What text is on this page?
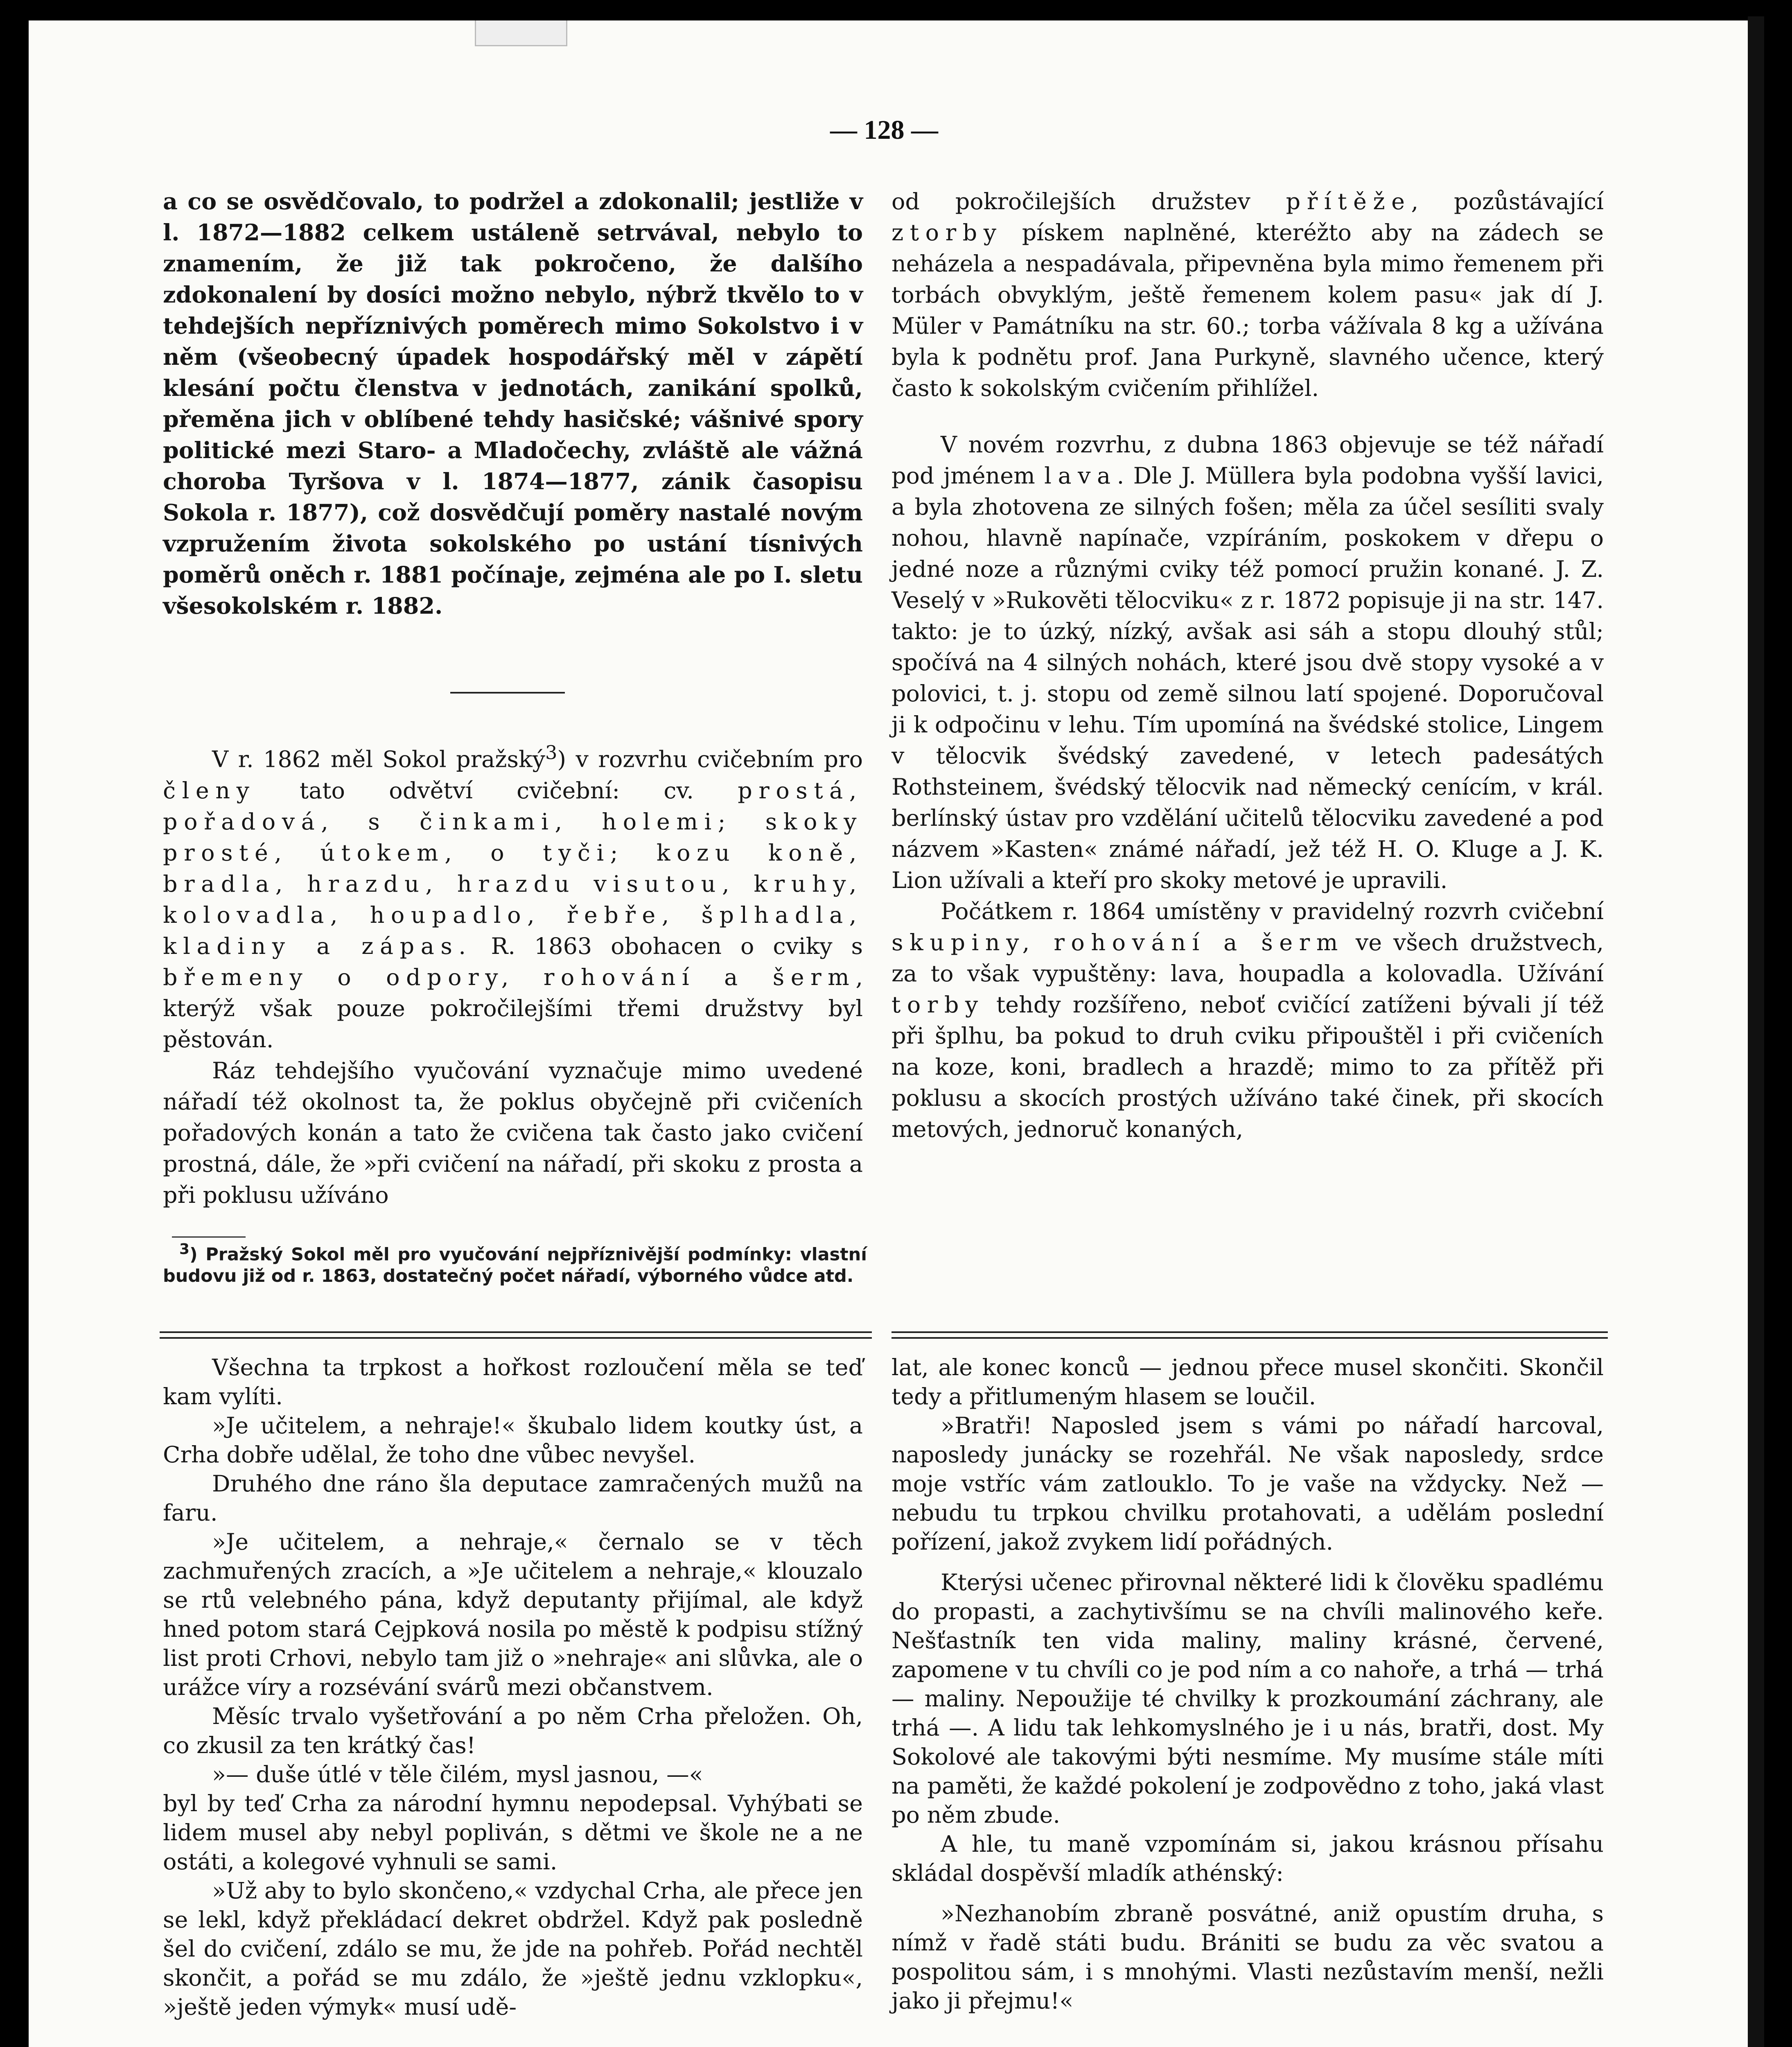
— 128 —

a co se osvědčovalo, to podržel a zdokonalil; jestliže v l. 1872—1882 celkem ustáleně setrvával, nebylo to znamením, že již tak pokročeno, že dalšího zdokonalení by dosíci možno nebylo, nýbrž tkvělo to v tehdejších nepříznivých poměrech mimo Sokolstvo i v něm (všeobecný úpadek hospodářský měl v zápětí klesání počtu členstva v jednotách, zanikání spolků, přeměna jich v oblíbené tehdy hasičské; vášnivé spory politické mezi Staro- a Mladočechy, zvláště ale vážná choroba Tyršova v l. 1874—1877, zánik časopisu Sokola r. 1877), což dosvědčují poměry nastalé novým vzpružením života sokolského po ustání tísnivých poměrů oněch r. 1881 počínaje, zejména ale po I. sletu všesokolském r. 1882.

V r. 1862 měl Sokol pražský$^3$) v rozvrhu cvičebním pro členy tato odvětví cvičební: cv. prostá, pořadová, s činkami, holemi; skoky prosté, útokem, o tyči; kozu koně, bradla, hrazdu, hrazdu visutou, kruhy, kolovadla, houpadlo, řebře, šplhadla, kladiny a zápas. R. 1863 obohacen o cviky s břemeny o odpory, rohování a šerm, kterýž však pouze pokročilejšími třemi družstvy byl pěstován.

Ráz tehdejšího vyučování vyznačuje mimo uvedené nářadí též okolnost ta, že poklus obyčejně při cvičeních pořadových konán a tato že cvičena tak často jako cvičení prostná, dále, že »při cvičení na nářadí, při skoku z prosta a při poklusu užíváno

$^3$) Pražský Sokol měl pro vyučování nejpříznivější podmínky: vlastní budovu již od r. 1863, dostatečný počet nářadí, výborného vůdce atd.

od pokročilejších družstev přítěže, pozůstávající ztorby pískem naplněné, kteréžto aby na zádech se neházela a nespadávala, připevněna byla mimo řemenem při torbách obvyklým, ještě řemenem kolem pasu« jak dí J. Müler v Památníku na str. 60.; torba vážívala 8 kg a užívána byla k podnětu prof. Jana Purkyně, slavného učence, který často k sokolským cvičením přihlížel.

V novém rozvrhu, z dubna 1863 objevuje se též nářadí pod jménem lava. Dle J. Müllera byla podobna vyšší lavici, a byla zhotovena ze silných fošen; měla za účel sesíliti svaly nohou, hlavně napínače, vzpíráním, poskokem v dřepu o jedné noze a různými cviky též pomocí pružin konané. J. Z. Veselý v »Rukověti tělocviku« z r. 1872 popisuje ji na str. 147. takto: je to úzký, nízký, avšak asi sáh a stopu dlouhý stůl; spočívá na 4 silných nohách, které jsou dvě stopy vysoké a v polovici, t. j. stopu od země silnou latí spojené. Doporučoval ji k odpočinu v lehu. Tím upomíná na švédské stolice, Lingem v tělocvik švédský zavedené, v letech padesátých Rothsteinem, švédský tělocvik nad německý cenícím, v král. berlínský ústav pro vzdělání učitelů tělocviku zavedené a pod názvem »Kasten« známé nářadí, jež též H. O. Kluge a J. K. Lion užívali a kteří pro skoky metové je upravili.

Počátkem r. 1864 umístěny v pravidelný rozvrh cvičební skupiny, rohování a šerm ve všech družstvech, za to však vypuštěny: lava, houpadla a kolovadla. Užívání torby tehdy rozšířeno, neboť cvičící zatíženi bývali jí též při šplhu, ba pokud to druh cviku připouštěl i při cvičeních na koze, koni, bradlech a hrazdě; mimo to za přítěž při poklusu a skocích prostých užíváno také činek, při skocích metových, jednoruč konaných,

Všechna ta trpkost a hořkost rozloučení měla se teď kam vylíti.

»Je učitelem, a nehraje!« škubalo lidem koutky úst, a Crha dobře udělal, že toho dne vůbec nevyšel.

Druhého dne ráno šla deputace zamračených mužů na faru.

»Je učitelem, a nehraje,« černalo se v těch zachmuřených zracích, a »Je učitelem a nehraje,« klouzalo se rtů velebného pána, když deputanty přijímal, ale když hned potom stará Cejpková nosila po městě k podpisu stížný list proti Crhovi, nebylo tam již o »nehraje« ani slůvka, ale o urážce víry a rozsévání svárů mezi občanstvem.

Měsíc trvalo vyšetřování a po něm Crha přeložen. Oh, co zkusil za ten krátký čas!

»— duše útlé v těle čilém, mysl jasnou, —«

byl by teď Crha za národní hymnu nepodepsal. Vyhýbati se lidem musel aby nebyl popliván, s dětmi ve škole ne a ne ostáti, a kolegové vyhnuli se sami.

»Už aby to bylo skončeno,« vzdychal Crha, ale přece jen se lekl, když překládací dekret obdržel. Když pak posledně šel do cvičení, zdálo se mu, že jde na pohřeb. Pořád nechtěl skončit, a pořád se mu zdálo, že »ještě jednu vzklopku«, »ještě jeden výmyk« musí udě-

lat, ale konec konců — jednou přece musel skončiti. Skončil tedy a přitlumeným hlasem se loučil.

»Bratři! Naposled jsem s vámi po nářadí harcoval, naposledy junácky se rozehřál. Ne však naposledy, srdce moje vstříc vám zatlouklo. To je vaše na vždycky. Než — nebudu tu trpkou chvilku protahovati, a udělám poslední pořízení, jakož zvykem lidí pořádných.

Kterýsi učenec přirovnal některé lidi k člověku spadlému do propasti, a zachytivšímu se na chvíli malinového keře. Nešťastník ten vida maliny, maliny krásné, červené, zapomene v tu chvíli co je pod ním a co nahoře, a trhá — trhá — maliny. Nepoužije té chvilky k prozkoumání záchrany, ale trhá —. A lidu tak lehkomyslného je i u nás, bratři, dost. My Sokolové ale takovými býti nesmíme. My musíme stále míti na paměti, že každé pokolení je zodpovědno z toho, jaká vlast po něm zbude.

A hle, tu maně vzpomínám si, jakou krásnou přísahu skládal dospěvší mladík athénský:

»Nezhanobím zbraně posvátné, aniž opustím druha, s nímž v řadě státi budu. Brániti se budu za věc svatou a pospolitou sám, i s mnohými. Vlasti nezůstavím menší, nežli jako ji přejmu!«
